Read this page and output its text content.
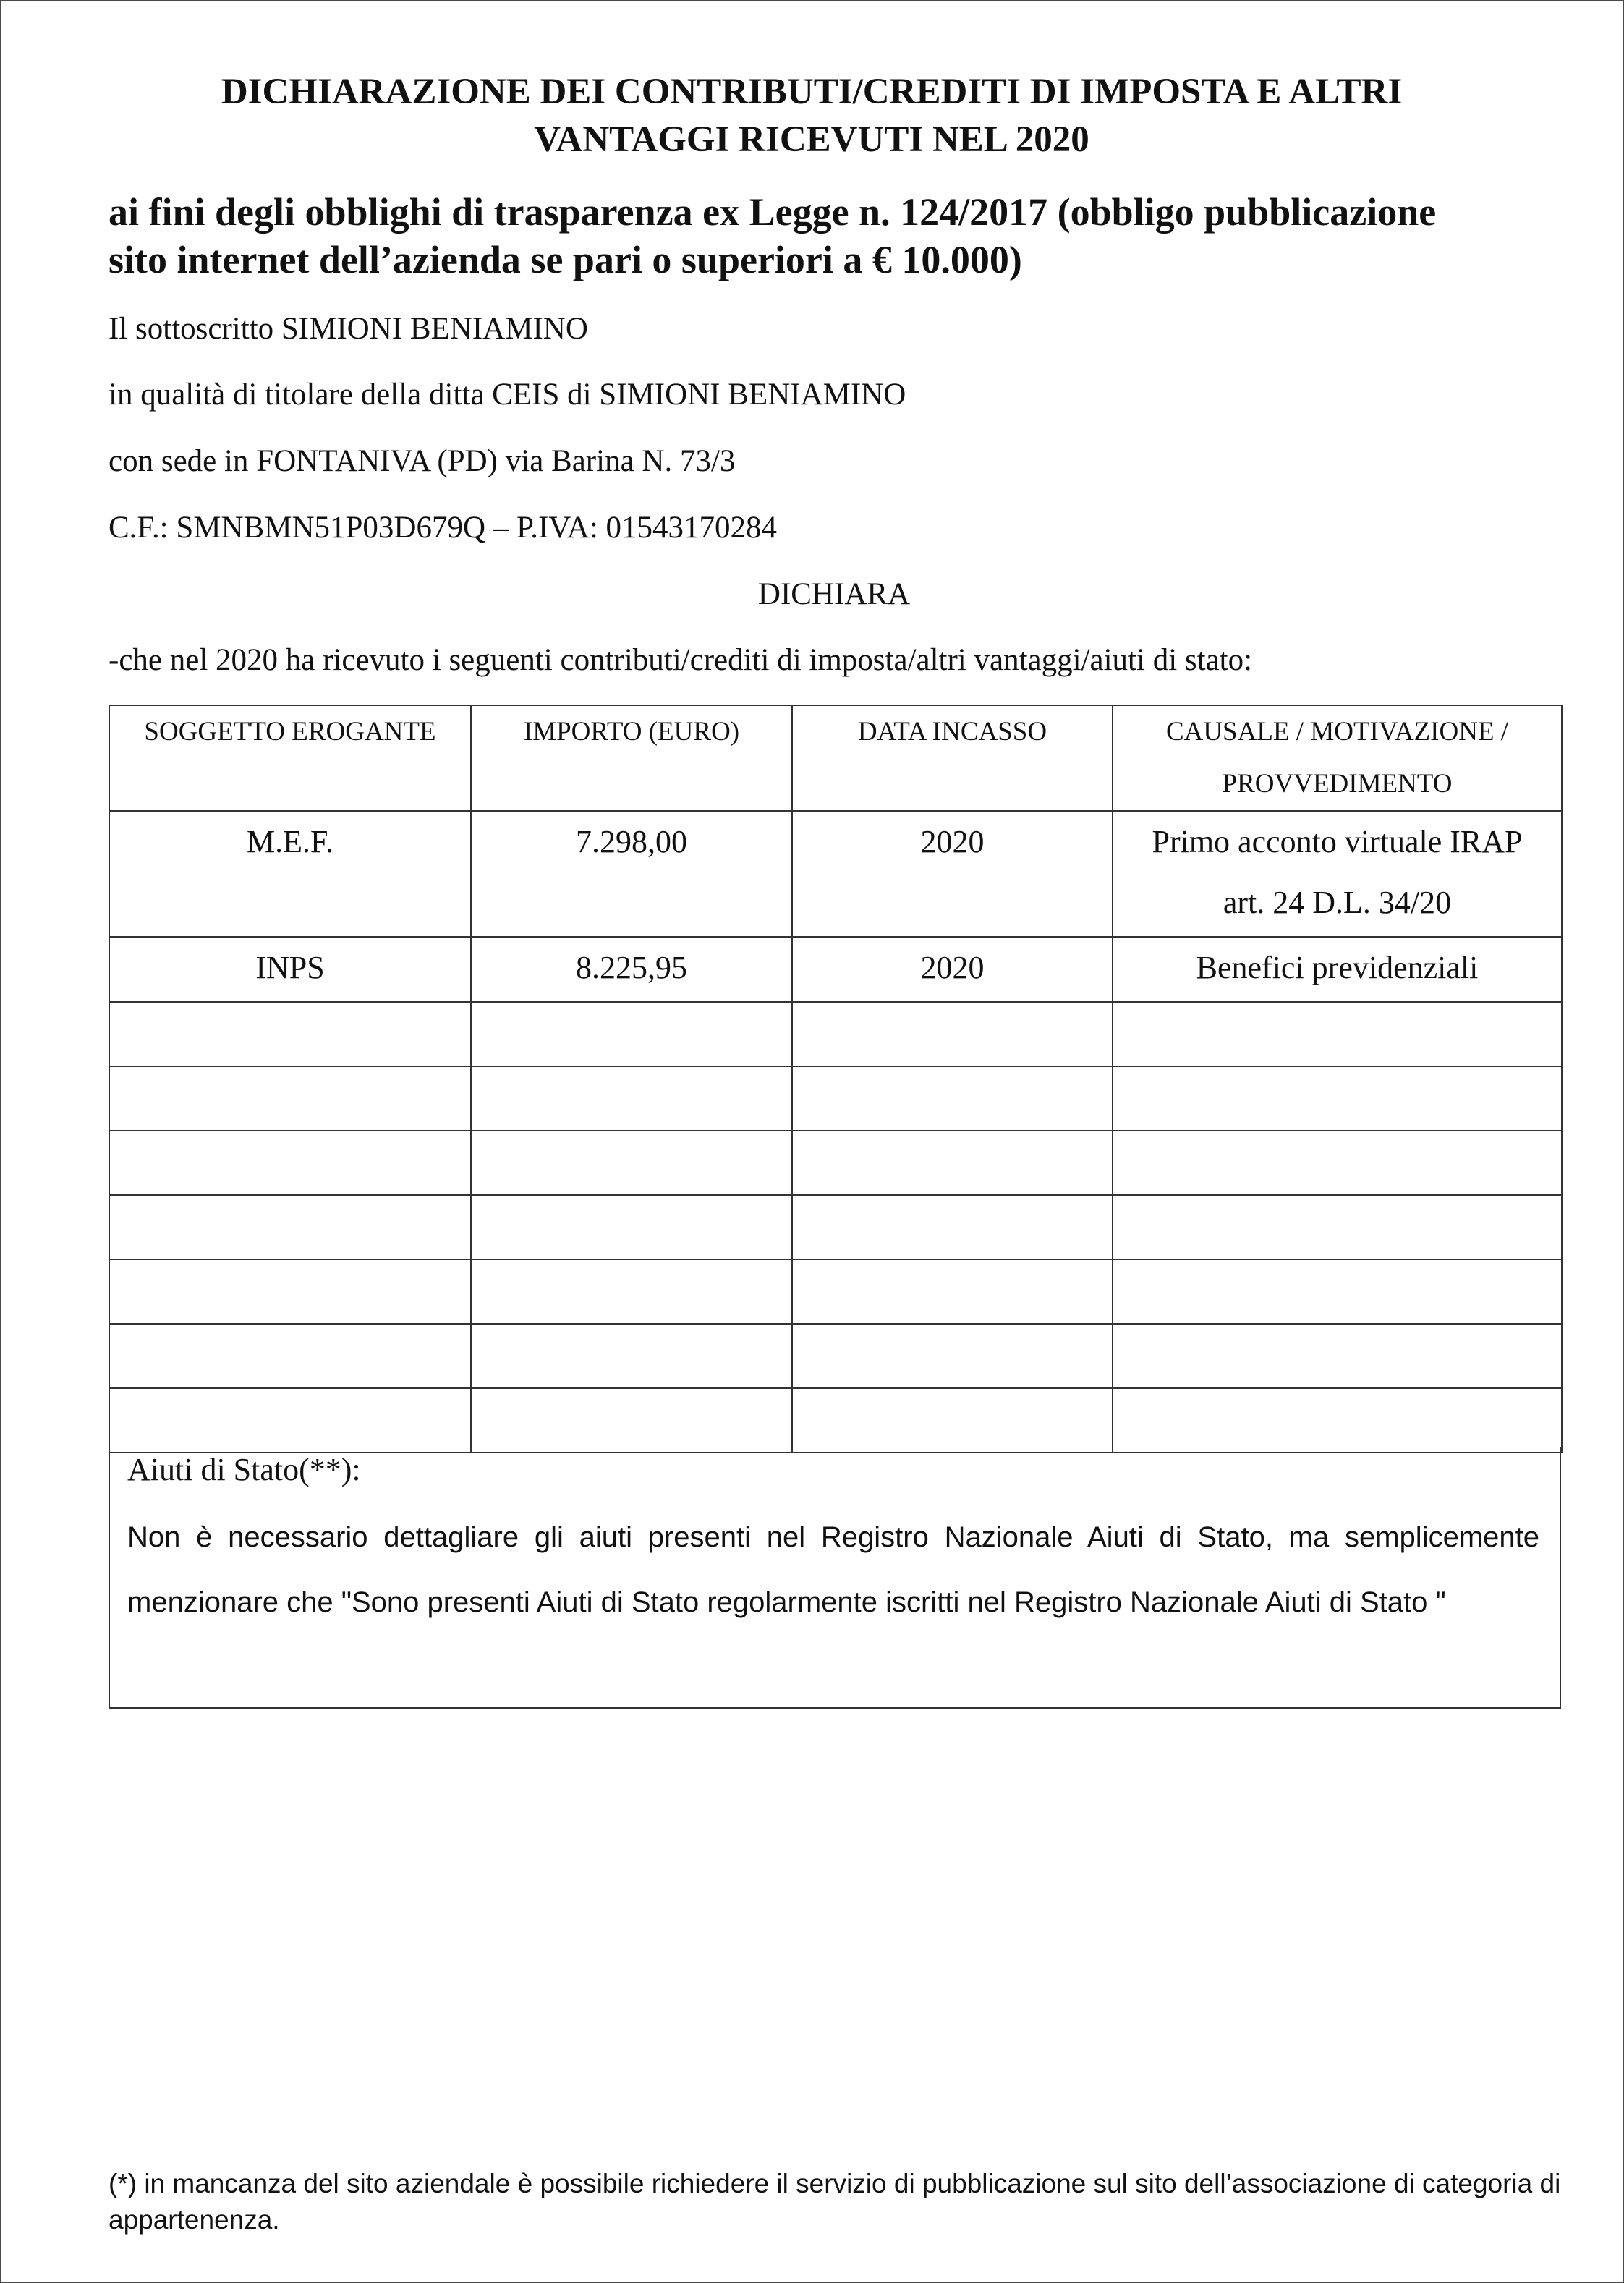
DICHIARAZIONE DEI CONTRIBUTI/CREDITI DI IMPOSTA E ALTRI
VANTAGGI RICEVUTI NEL 2020
ai fini degli obblighi di trasparenza ex Legge n. 124/2017 (obbligo pubblicazione
sito internet dell’azienda se pari o superiori a € 10.000)

Il sottoscritto SIMIONI BENIAMINO

in qualità di titolare della ditta CEIS di SIMIONI BENIAMINO

con sede in FONTANIVA (PD) via Barina N. 73/3

C.F.: SMNBMN51P03D679Q – P.IVA: 01543170284

DICHIARA

-che nel 2020 ha ricevuto i seguenti contributi/crediti di imposta/altri vantaggi/aiuti di stato:

SOGGETTO EROGANTE	IMPORTO (EURO)	DATA INCASSO	CAUSALE / MOTIVAZIONE / PROVVEDIMENTO

M.E.F.	7.298,00	2020	Primo acconto virtuale IRAP art. 24 D.L. 34/20

INPS	8.225,95	2020	Benefici previdenziali

Aiuti di Stato(**):

Non è necessario dettagliare gli aiuti presenti nel Registro Nazionale Aiuti di Stato, ma semplicemente menzionare che "Sono presenti Aiuti di Stato regolarmente iscritti nel Registro Nazionale Aiuti di Stato "

(*) in mancanza del sito aziendale è possibile richiedere il servizio di pubblicazione sul sito dell’associazione di categoria di appartenenza.
